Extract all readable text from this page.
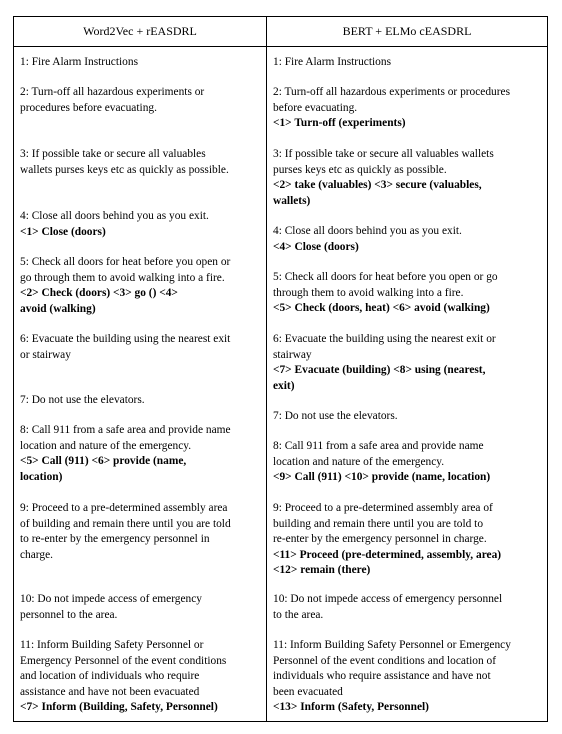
Word2Vec + rEASDRL	BERT + ELMo cEASDRL
1: Fire Alarm Instructions
2: Turn-off all hazardous experiments or
procedures before evacuating.
3: If possible take or secure all valuables
wallets purses keys etc as quickly as possible.
4: Close all doors behind you as you exit.
<1> Close (doors)
5: Check all doors for heat before you open or
go through them to avoid walking into a fire.
<2> Check (doors) <3> go () <4>
avoid (walking)
6: Evacuate the building using the nearest exit
or stairway
7: Do not use the elevators.
8: Call 911 from a safe area and provide name
location and nature of the emergency.
<5> Call (911) <6> provide (name,
location)
9: Proceed to a pre-determined assembly area
of building and remain there until you are told
to re-enter by the emergency personnel in
charge.
10: Do not impede access of emergency
personnel to the area.
11: Inform Building Safety Personnel or
Emergency Personnel of the event conditions
and location of individuals who require
assistance and have not been evacuated
<7> Inform (Building, Safety, Personnel)
1: Fire Alarm Instructions
2: Turn-off all hazardous experiments or procedures
before evacuating.
<1> Turn-off (experiments)
3: If possible take or secure all valuables wallets
purses keys etc as quickly as possible.
<2> take (valuables) <3> secure (valuables,
wallets)
4: Close all doors behind you as you exit.
<4> Close (doors)
5: Check all doors for heat before you open or go
through them to avoid walking into a fire.
<5> Check (doors, heat) <6> avoid (walking)
6: Evacuate the building using the nearest exit or
stairway
<7> Evacuate (building) <8> using (nearest,
exit)
7: Do not use the elevators.
8: Call 911 from a safe area and provide name
location and nature of the emergency.
<9> Call (911) <10> provide (name, location)
9: Proceed to a pre-determined assembly area of
building and remain there until you are told to
re-enter by the emergency personnel in charge.
<11> Proceed (pre-determined, assembly, area)
<12> remain (there)
10: Do not impede access of emergency personnel
to the area.
11: Inform Building Safety Personnel or Emergency
Personnel of the event conditions and location of
individuals who require assistance and have not
been evacuated
<13> Inform (Safety, Personnel)
